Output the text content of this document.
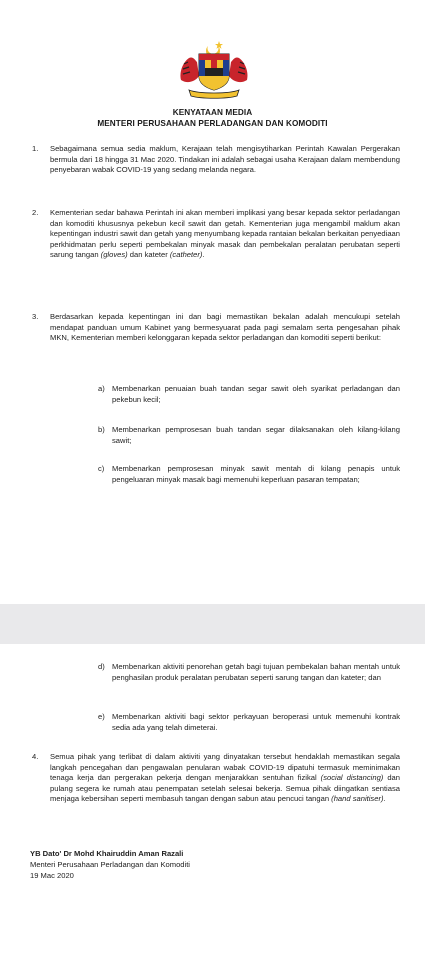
KENYATAAN MEDIA
MENTERI PERUSAHAAN PERLADANGAN DAN KOMODITI
1. Sebagaimana semua sedia maklum, Kerajaan telah mengisytiharkan Perintah Kawalan Pergerakan bermula dari 18 hingga 31 Mac 2020. Tindakan ini adalah sebagai usaha Kerajaan dalam membendung penyebaran wabak COVID-19 yang sedang melanda negara.
2. Kementerian sedar bahawa Perintah ini akan memberi implikasi yang besar kepada sektor perladangan dan komoditi khususnya pekebun kecil sawit dan getah. Kementerian juga mengambil maklum akan kepentingan industri sawit dan getah yang menyumbang kepada rantaian bekalan berkaitan penyediaan perkhidmatan perlu seperti pembekalan minyak masak dan pembekalan peralatan perubatan seperti sarung tangan (gloves) dan kateter (catheter).
3. Berdasarkan kepada kepentingan ini dan bagi memastikan bekalan adalah mencukupi setelah mendapat panduan umum Kabinet yang bermesyuarat pada pagi semalam serta pengesahan pihak MKN, Kementerian memberi kelonggaran kepada sektor perladangan dan komoditi seperti berikut:
a) Membenarkan penuaian buah tandan segar sawit oleh syarikat perladangan dan pekebun kecil;
b) Membenarkan pemprosesan buah tandan segar dilaksanakan oleh kilang-kilang sawit;
c) Membenarkan pemprosesan minyak sawit mentah di kilang penapis untuk pengeluaran minyak masak bagi memenuhi keperluan pasaran tempatan;
d) Membenarkan aktiviti penorehan getah bagi tujuan pembekalan bahan mentah untuk penghasilan produk peralatan perubatan seperti sarung tangan dan kateter; dan
e) Membenarkan aktiviti bagi sektor perkayuan beroperasi untuk memenuhi kontrak sedia ada yang telah dimeterai.
4. Semua pihak yang terlibat di dalam aktiviti yang dinyatakan tersebut hendaklah memastikan segala langkah pencegahan dan pengawalan penularan wabak COVID-19 dipatuhi termasuk meminimakan tenaga kerja dan pergerakan pekerja dengan menjarakkan sentuhan fizikal (social distancing) dan pulang segera ke rumah atau penempatan setelah selesai bekerja. Semua pihak diingatkan sentiasa menjaga kebersihan seperti membasuh tangan dengan sabun atau pencuci tangan (hand sanitiser).
YB Dato' Dr Mohd Khairuddin Aman Razali
Menteri Perusahaan Perladangan dan Komoditi
19 Mac 2020
